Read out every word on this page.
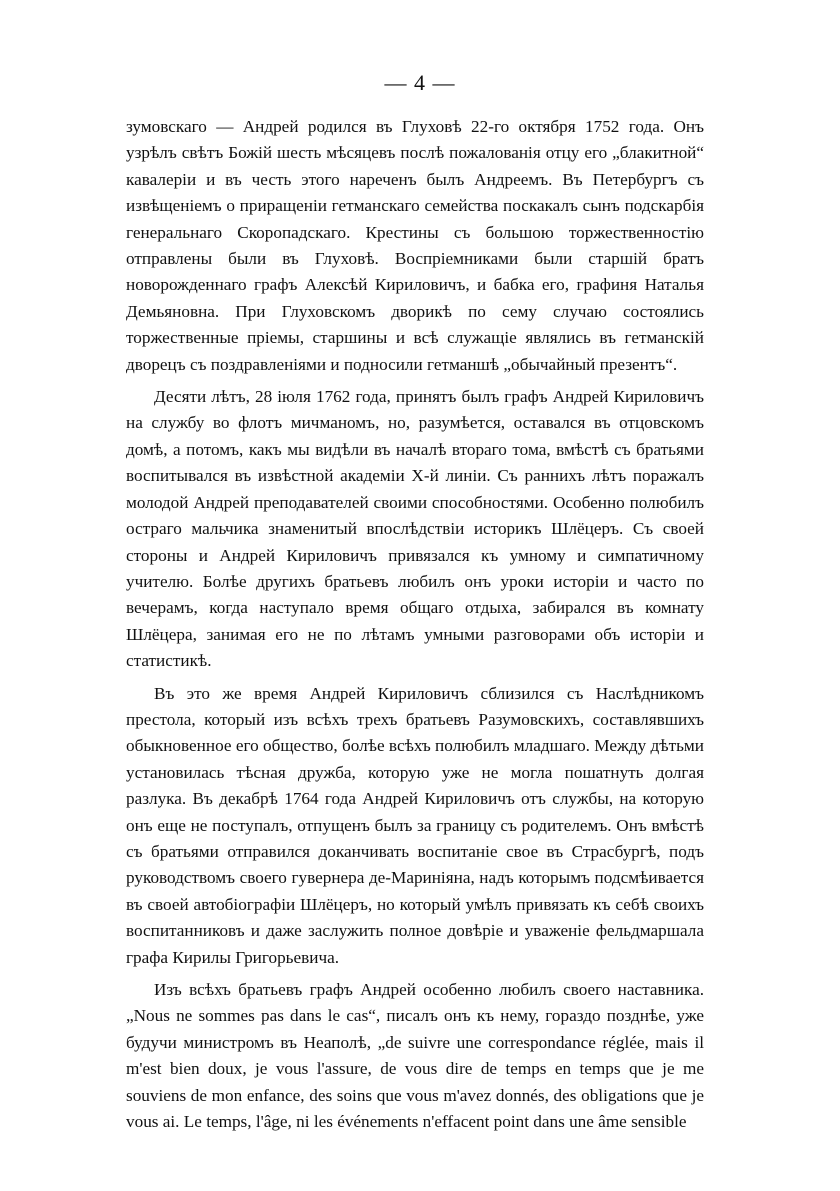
— 4 —

зумовскаго — Андрей родился въ Глуховѣ 22-го октября 1752 года. Онъ узрѣлъ свѣтъ Божій шесть мѣсяцевъ послѣ пожалованія отцу его „блакитной“ кавалеріи и въ честь этого нареченъ былъ Андреемъ. Въ Петербургъ съ извѣщеніемъ о приращеніи гетманскаго семейства поскакалъ сынъ подскарбія генеральнаго Скоропадскаго. Крестины съ большою торжественностію отправлены были въ Глуховѣ. Воспріемниками были старшій братъ новорожденнаго графъ Алексѣй Кириловичъ, и бабка его, графиня Наталья Демьяновна. При Глуховскомъ дворикѣ по сему случаю состоялись торжественные пріемы, старшины и всѣ служащіе являлись въ гетманскій дворецъ съ поздравленіями и подносили гетманшѣ „обычайный презентъ“.

Десяти лѣтъ, 28 іюля 1762 года, принятъ былъ графъ Андрей Кириловичъ на службу во флотъ мичманомъ, но, разумѣется, оставался въ отцовскомъ домѣ, а потомъ, какъ мы видѣли въ началѣ втораго тома, вмѣстѣ съ братьями воспитывался въ извѣстной академіи X-й линіи. Съ раннихъ лѣтъ поражалъ молодой Андрей преподавателей своими способностями. Особенно полюбилъ остраго мальчика знаменитый впослѣдствіи историкъ Шлёцеръ. Съ своей стороны и Андрей Кириловичъ привязался къ умному и симпатичному учителю. Болѣе другихъ братьевъ любилъ онъ уроки исторіи и часто по вечерамъ, когда наступало время общаго отдыха, забирался въ комнату Шлёцера, занимая его не по лѣтамъ умными разговорами объ исторіи и статистикѣ.

Въ это же время Андрей Кириловичъ сблизился съ Наслѣдникомъ престола, который изъ всѣхъ трехъ братьевъ Разумовскихъ, составлявшихъ обыкновенное его общество, болѣе всѣхъ полюбилъ младшаго. Между дѣтьми установилась тѣсная дружба, которую уже не могла пошатнуть долгая разлука. Въ декабрѣ 1764 года Андрей Кириловичъ отъ службы, на которую онъ еще не поступалъ, отпущенъ былъ за границу съ родителемъ. Онъ вмѣстѣ съ братьями отправился доканчивать воспитаніе свое въ Страсбургѣ, подъ руководствомъ своего гувернера де-Мариніяна, надъ которымъ подсмѣивается въ своей автобіографіи Шлёцеръ, но который умѣлъ привязать къ себѣ своихъ воспитанниковъ и даже заслужить полное довѣріе и уваженіе фельдмаршала графа Кирилы Григорьевича.

Изъ всѣхъ братьевъ графъ Андрей особенно любилъ своего наставника. „Nous ne sommes pas dans le cas“, писалъ онъ къ нему, гораздо позднѣе, уже будучи министромъ въ Неаполѣ, „de suivre une correspondance réglée, mais il m'est bien doux, je vous l'assure, de vous dire de temps en temps que je me souviens de mon enfance, des soins que vous m'avez donnés, des obligations que je vous ai. Le temps, l'âge, ni les événements n'effacent point dans une âme sensible
